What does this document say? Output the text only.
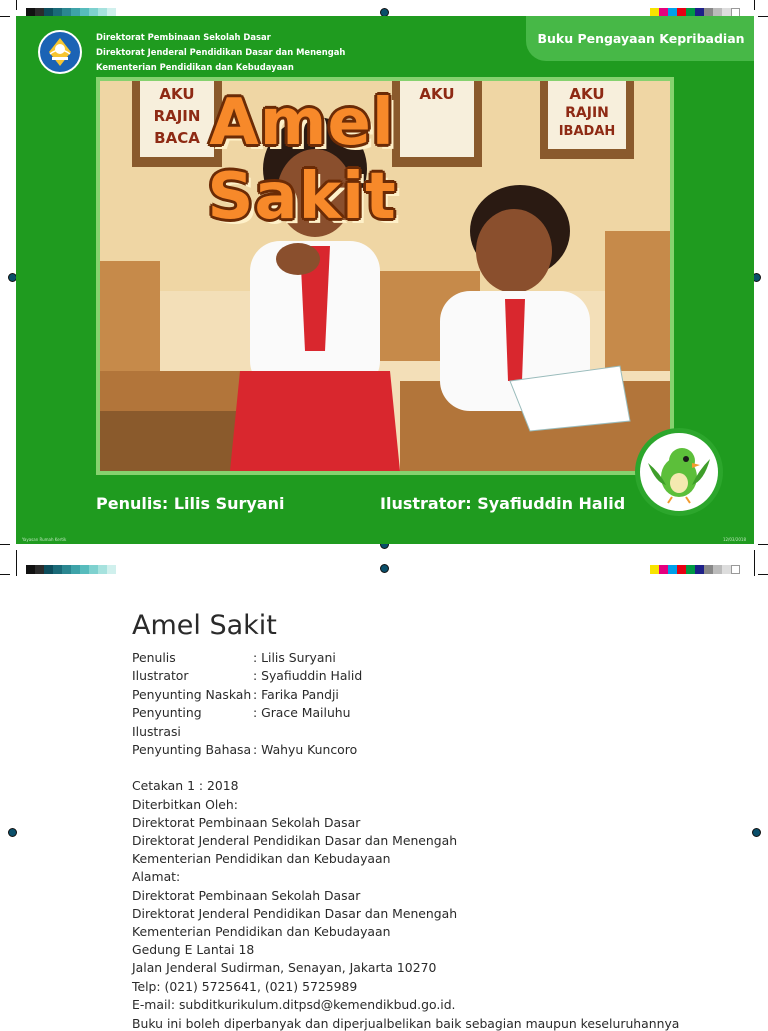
Direktorat Pembinaan Sekolah Dasar
Direktorat Jenderal Pendidikan Dasar dan Menengah
Kementerian Pendidikan dan Kebudayaan
Buku Pengayaan Kepribadian
AKU
RAJIN
BACA
AKU	AKU
RAJIN
IBADAH
Amel Sakit
Penulis: Lilis Suryani	Ilustrator: Syafiuddin Halid
Yayasan Rumah Kertik	12/03/2018
Amel Sakit
Penulis	: Lilis Suryani
Ilustrator	: Syafiuddin Halid
Penyunting Naskah : Farika Pandji
Penyunting Ilustrasi
: Grace Mailuhu
Penyunting Bahasa : Wahyu Kuncoro
Cetakan 1 : 2018
Diterbitkan Oleh:
Direktorat Pembinaan Sekolah Dasar
Direktorat Jenderal Pendidikan Dasar dan Menengah
Kementerian Pendidikan dan Kebudayaan
Alamat:
Direktorat Pembinaan Sekolah Dasar
Direktorat Jenderal Pendidikan Dasar dan Menengah
Kementerian Pendidikan dan Kebudayaan
Gedung E Lantai 18
Jalan Jenderal Sudirman, Senayan, Jakarta 10270
Telp: (021) 5725641, (021) 5725989
E-mail: subditkurikulum.ditpsd@kemendikbud.go.id.
Buku ini boleh diperbanyak dan diperjualbelikan baik sebagian maupun keseluruhannya
